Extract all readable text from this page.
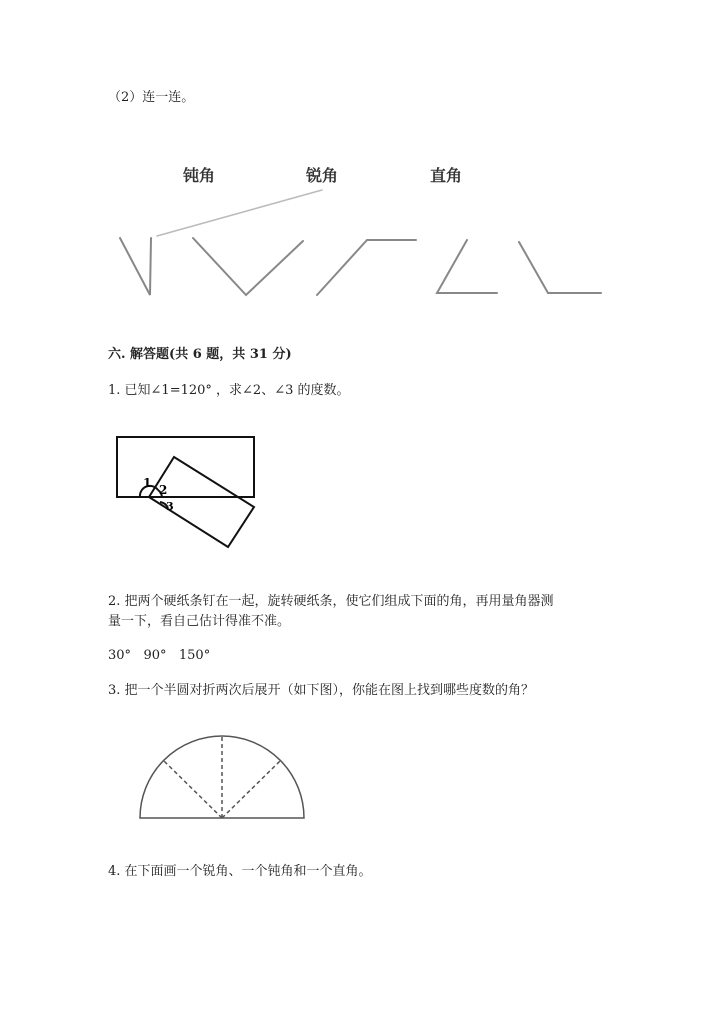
（2）连一连。
钝角	锐角	直角
六. 解答题(共 6 题，共 31 分)
1. 已知∠1=120° ，求∠2、∠3 的度数。
1 2
3
2. 把两个硬纸条钉在一起，旋转硬纸条，使它们组成下面的角，再用量角器测
量一下，看自己估计得准不准。
30°   90°   150°
3. 把一个半圆对折两次后展开（如下图），你能在图上找到哪些度数的角？
4. 在下面画一个锐角、一个钝角和一个直角。
